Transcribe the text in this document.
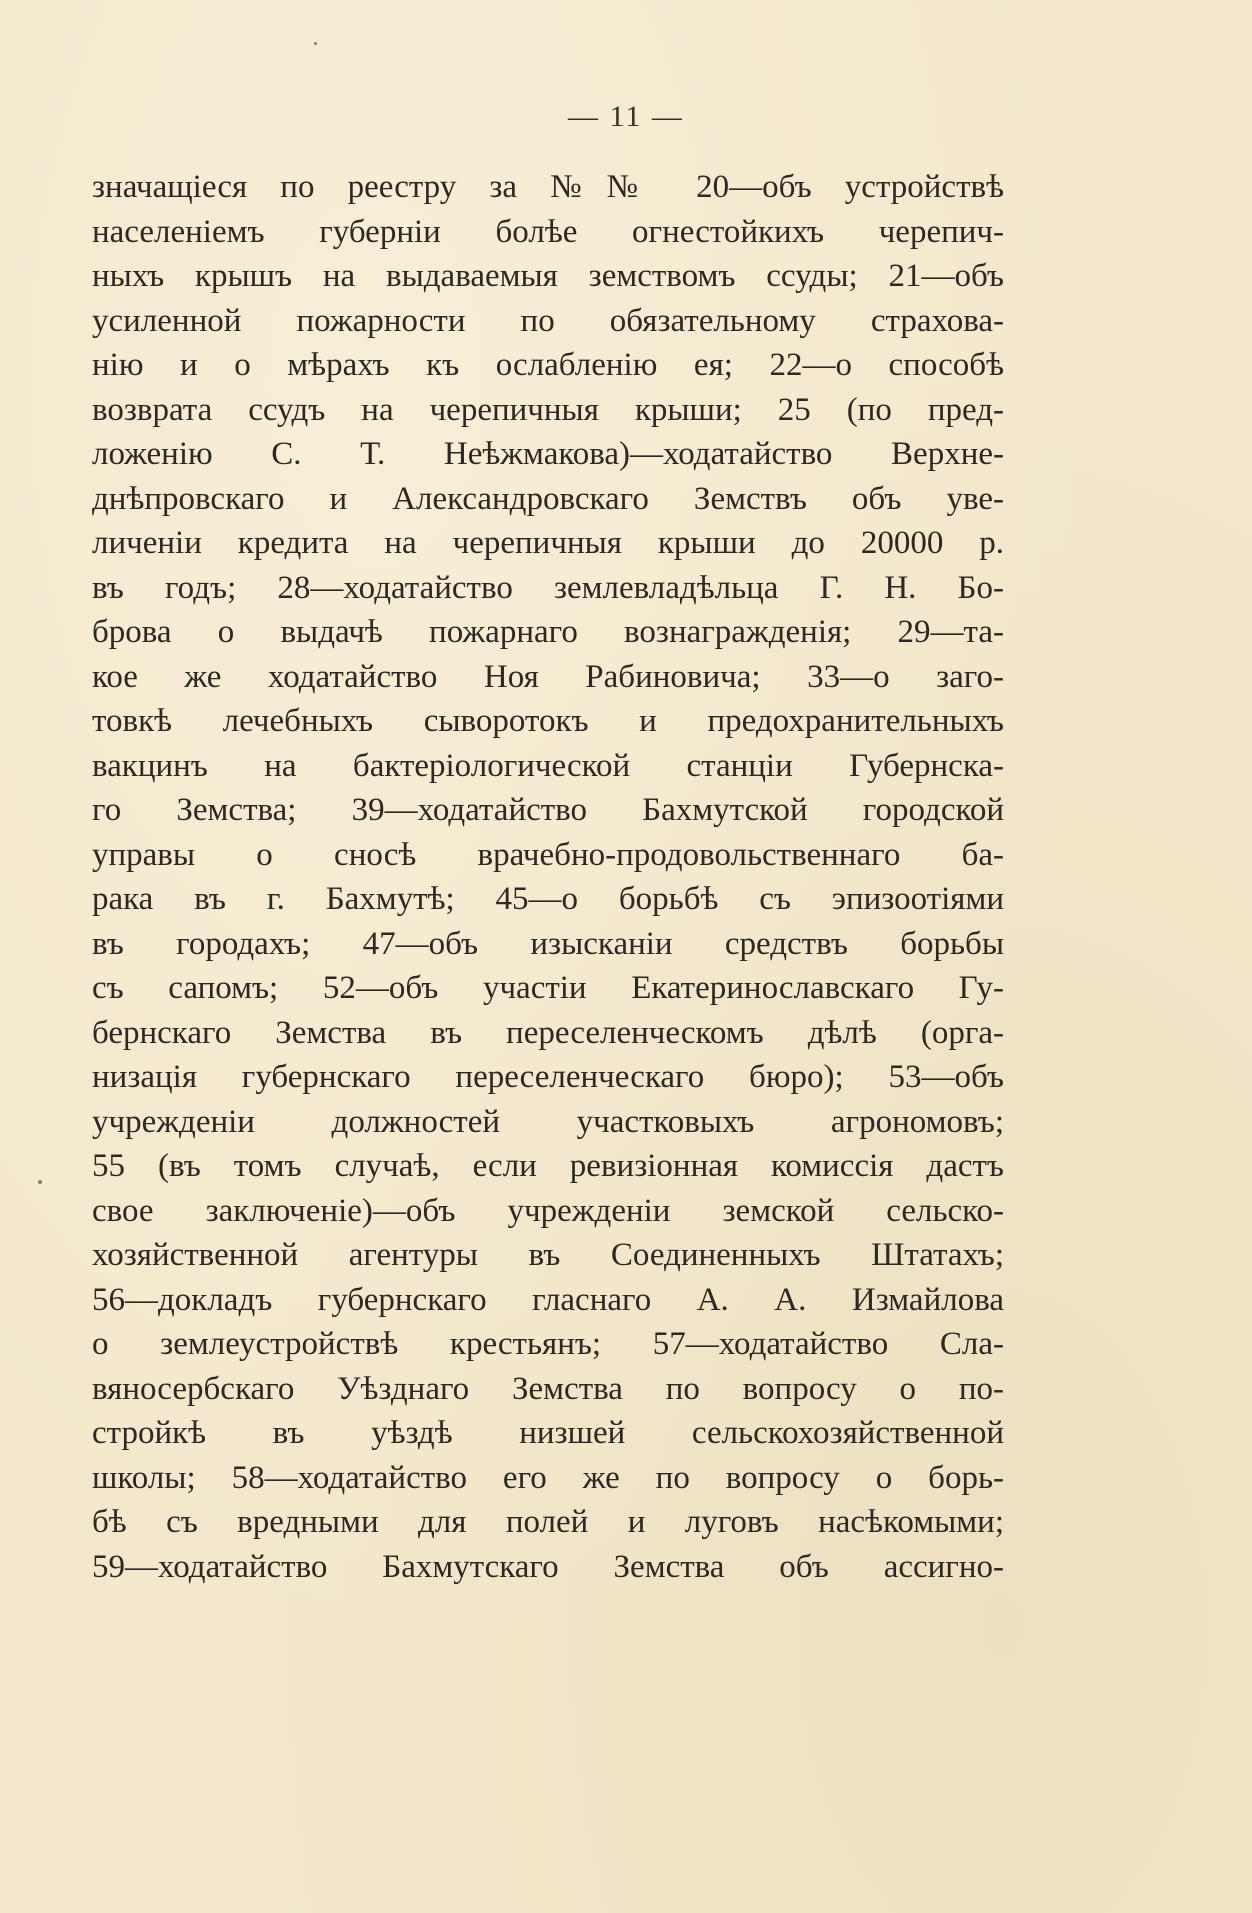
— 11 —
значащіеся по реестру за №№ 20—объ устройствѣ
населеніемъ губерніи болѣе огнестойкихъ черепич-
ныхъ крышъ на выдаваемыя земствомъ ссуды; 21—объ
усиленной пожарности по обязательному страхова-
нію и о мѣрахъ къ ослабленію ея; 22—о способѣ
возврата ссудъ на черепичныя крыши; 25 (по пред-
ложенію С. Т. Неѣжмакова)—ходатайство Верхне-
днѣпровскаго и Александровскаго Земствъ объ уве-
личеніи кредита на черепичныя крыши до 20000 р.
въ годъ; 28—ходатайство землевладѣльца Г. Н. Бо-
брова о выдачѣ пожарнаго вознагражденія; 29—та-
кое же ходатайство Ноя Рабиновича; 33—о заго-
товкѣ лечебныхъ сыворотокъ и предохранительныхъ
вакцинъ на бактеріологической станціи Губернска-
го Земства; 39—ходатайство Бахмутской городской
управы о сносѣ врачебно-продовольственнаго ба-
рака въ г. Бахмутѣ; 45—о борьбѣ съ эпизоотіями
въ городахъ; 47—объ изысканіи средствъ борьбы
съ сапомъ; 52—объ участіи Екатеринославскаго Гу-
бернскаго Земства въ переселенческомъ дѣлѣ (орга-
низація губернскаго переселенческаго бюро); 53—объ
учрежденіи должностей участковыхъ агрономовъ;
55 (въ томъ случаѣ, если ревизіонная комиссія дастъ
свое заключеніе)—объ учрежденіи земской сельско-
хозяйственной агентуры въ Соединенныхъ Штатахъ;
56—докладъ губернскаго гласнаго А. А. Измайлова
о землеустройствѣ крестьянъ; 57—ходатайство Сла-
вяносербскаго Уѣзднаго Земства по вопросу о по-
стройкѣ въ уѣздѣ низшей сельскохозяйственной
школы; 58—ходатайство его же по вопросу о борь-
бѣ съ вредными для полей и луговъ насѣкомыми;
59—ходатайство Бахмутскаго Земства объ ассигно-
